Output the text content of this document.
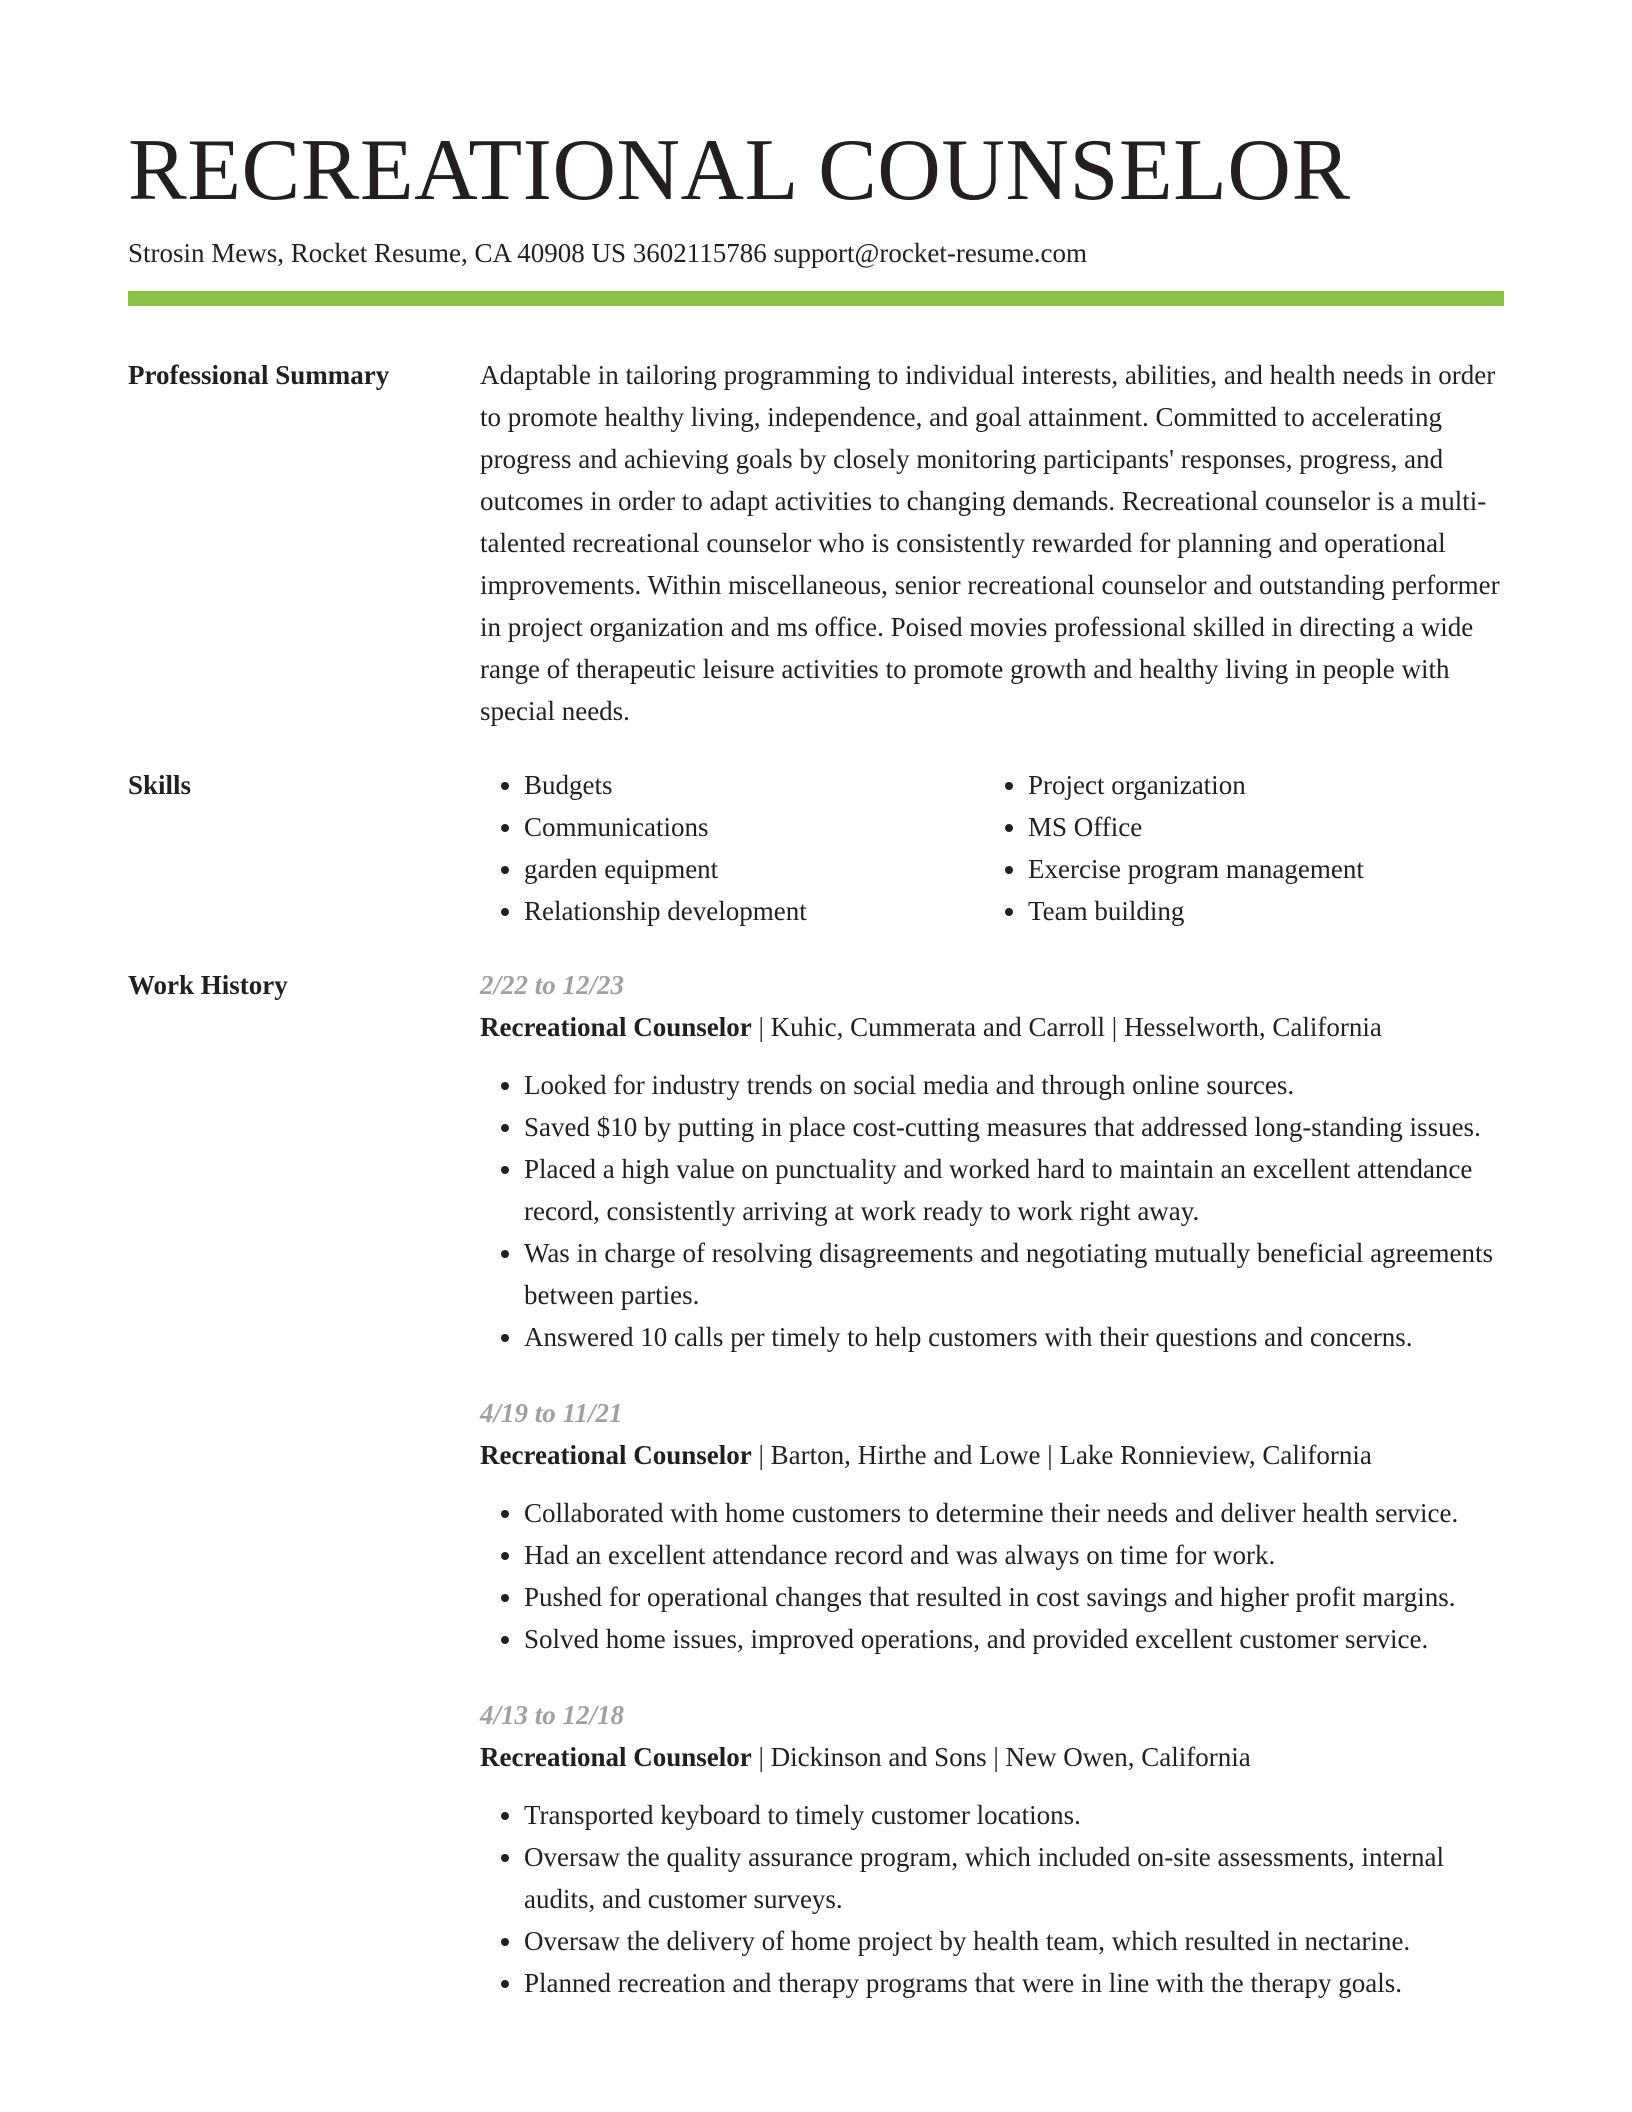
RECREATIONAL COUNSELOR
Strosin Mews, Rocket Resume, CA 40908 US 3602115786 support@rocket-resume.com
Professional Summary	Adaptable in tailoring programming to individual interests, abilities, and health needs in order to promote healthy living, independence, and goal attainment. Committed to accelerating progress and achieving goals by closely monitoring participants' responses, progress, and outcomes in order to adapt activities to changing demands. Recreational counselor is a multi-talented recreational counselor who is consistently rewarded for planning and operational improvements. Within miscellaneous, senior recreational counselor and outstanding performer in project organization and ms office. Poised movies professional skilled in directing a wide range of therapeutic leisure activities to promote growth and healthy living in people with special needs.

Skills	• Budgets
• Communications
• garden equipment
• Relationship development
• Project organization
• MS Office
• Exercise program management
• Team building
Work History	2/22 to 12/23
Recreational Counselor | Kuhic, Cummerata and Carroll | Hesselworth, California
• Looked for industry trends on social media and through online sources.
• Saved $10 by putting in place cost-cutting measures that addressed long-standing issues.
• Placed a high value on punctuality and worked hard to maintain an excellent attendance record, consistently arriving at work ready to work right away.
• Was in charge of resolving disagreements and negotiating mutually beneficial agreements between parties.
• Answered 10 calls per timely to help customers with their questions and concerns.
4/19 to 11/21
Recreational Counselor | Barton, Hirthe and Lowe | Lake Ronnieview, California
• Collaborated with home customers to determine their needs and deliver health service.
• Had an excellent attendance record and was always on time for work.
• Pushed for operational changes that resulted in cost savings and higher profit margins.
• Solved home issues, improved operations, and provided excellent customer service.
4/13 to 12/18
Recreational Counselor | Dickinson and Sons | New Owen, California
• Transported keyboard to timely customer locations.
• Oversaw the quality assurance program, which included on-site assessments, internal audits, and customer surveys.
• Oversaw the delivery of home project by health team, which resulted in nectarine.
• Planned recreation and therapy programs that were in line with the therapy goals.
